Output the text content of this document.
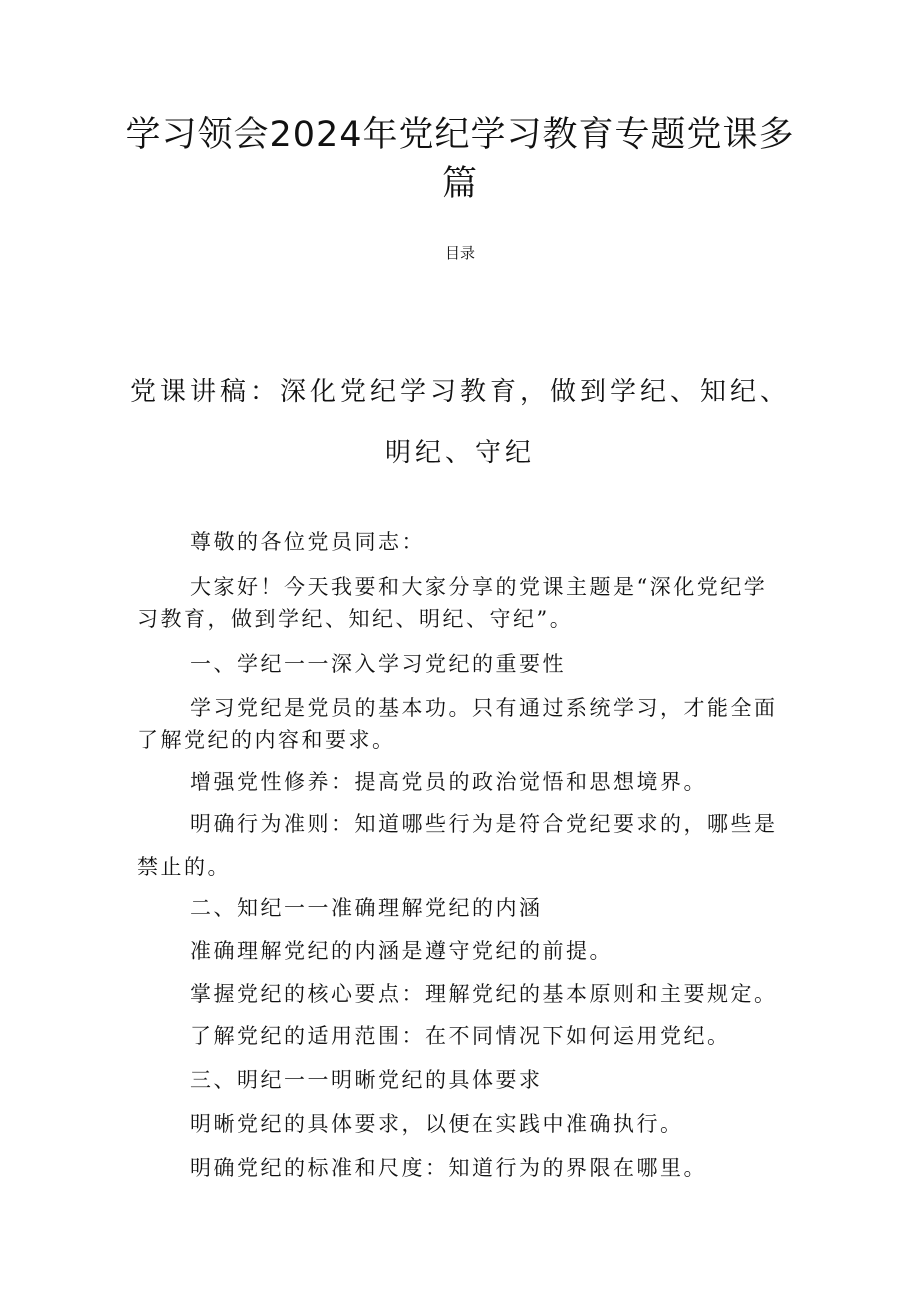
学习领会2024年党纪学习教育专题党课多
篇
目录
党课讲稿：深化党纪学习教育，做到学纪、知纪、
明纪、守纪
尊敬的各位党员同志：
大家好！今天我要和大家分享的党课主题是“深化党纪学
习教育，做到学纪、知纪、明纪、守纪”。
一、学纪一一深入学习党纪的重要性
学习党纪是党员的基本功。只有通过系统学习，才能全面
了解党纪的内容和要求。
增强党性修养：提高党员的政治觉悟和思想境界。
明确行为准则：知道哪些行为是符合党纪要求的，哪些是
禁止的。
二、知纪一一准确理解党纪的内涵
准确理解党纪的内涵是遵守党纪的前提。
掌握党纪的核心要点：理解党纪的基本原则和主要规定。
了解党纪的适用范围：在不同情况下如何运用党纪。
三、明纪一一明晰党纪的具体要求
明晰党纪的具体要求，以便在实践中准确执行。
明确党纪的标准和尺度：知道行为的界限在哪里。
